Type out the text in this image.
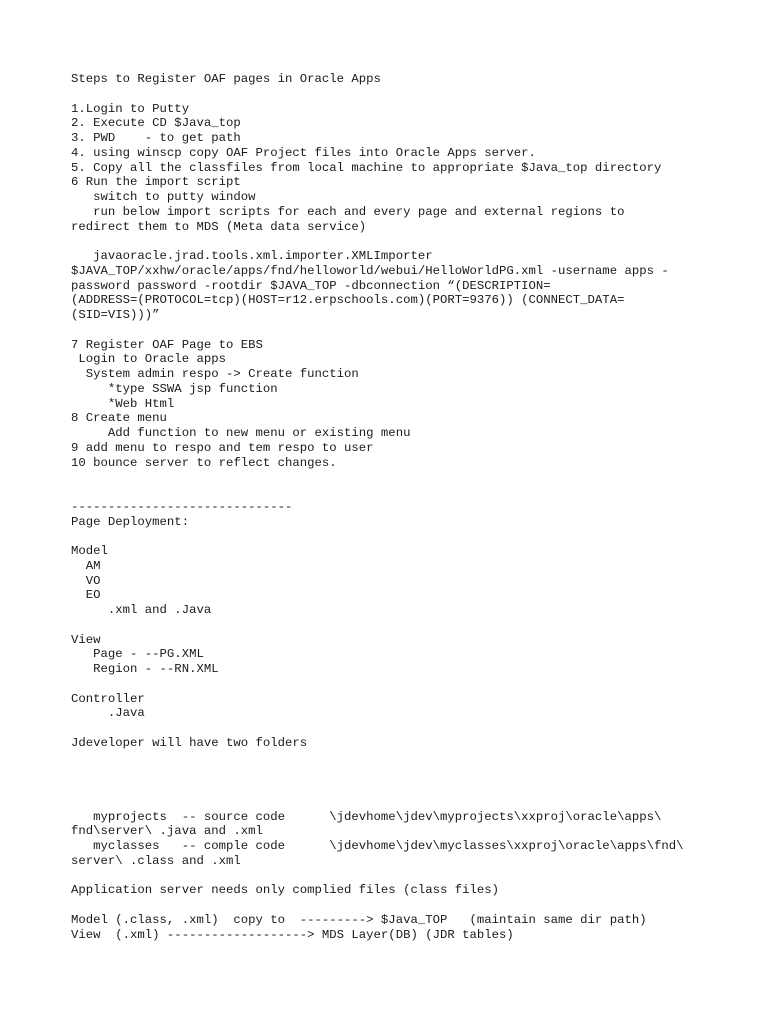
Steps to Register OAF pages in Oracle Apps
1.Login to Putty
2. Execute CD $Java_top
3. PWD    - to get path
4. using winscp copy OAF Project files into Oracle Apps server.
5. Copy all the classfiles from local machine to appropriate $Java_top directory
6 Run the import script
switch to putty window
run below import scripts for each and every page and external regions to
redirect them to MDS (Meta data service)
javaoracle.jrad.tools.xml.importer.XMLImporter
$JAVA_TOP/xxhw/oracle/apps/fnd/helloworld/webui/HelloWorldPG.xml -username apps -
password password -rootdir $JAVA_TOP -dbconnection “(DESCRIPTION=
(ADDRESS=(PROTOCOL=tcp)(HOST=r12.erpschools.com)(PORT=9376)) (CONNECT_DATA=
(SID=VIS)))”
7 Register OAF Page to EBS
Login to Oracle apps
System admin respo -> Create function
*type SSWA jsp function
*Web Html
8 Create menu
Add function to new menu or existing menu
9 add menu to respo and tem respo to user
10 bounce server to reflect changes.
------------------------------
Page Deployment:
Model
AM
VO
EO
.xml and .Java
View
Page - --PG.XML
Region - --RN.XML
Controller
.Java
Jdeveloper will have two folders
myprojects  -- source code      \jdevhome\jdev\myprojects\xxproj\oracle\apps\
fnd\server\ .java and .xml
myclasses   -- comple code      \jdevhome\jdev\myclasses\xxproj\oracle\apps\fnd\
server\ .class and .xml
Application server needs only complied files (class files)
Model (.class, .xml)  copy to  ---------> $Java_TOP   (maintain same dir path)
View  (.xml) -------------------> MDS Layer(DB) (JDR tables)
